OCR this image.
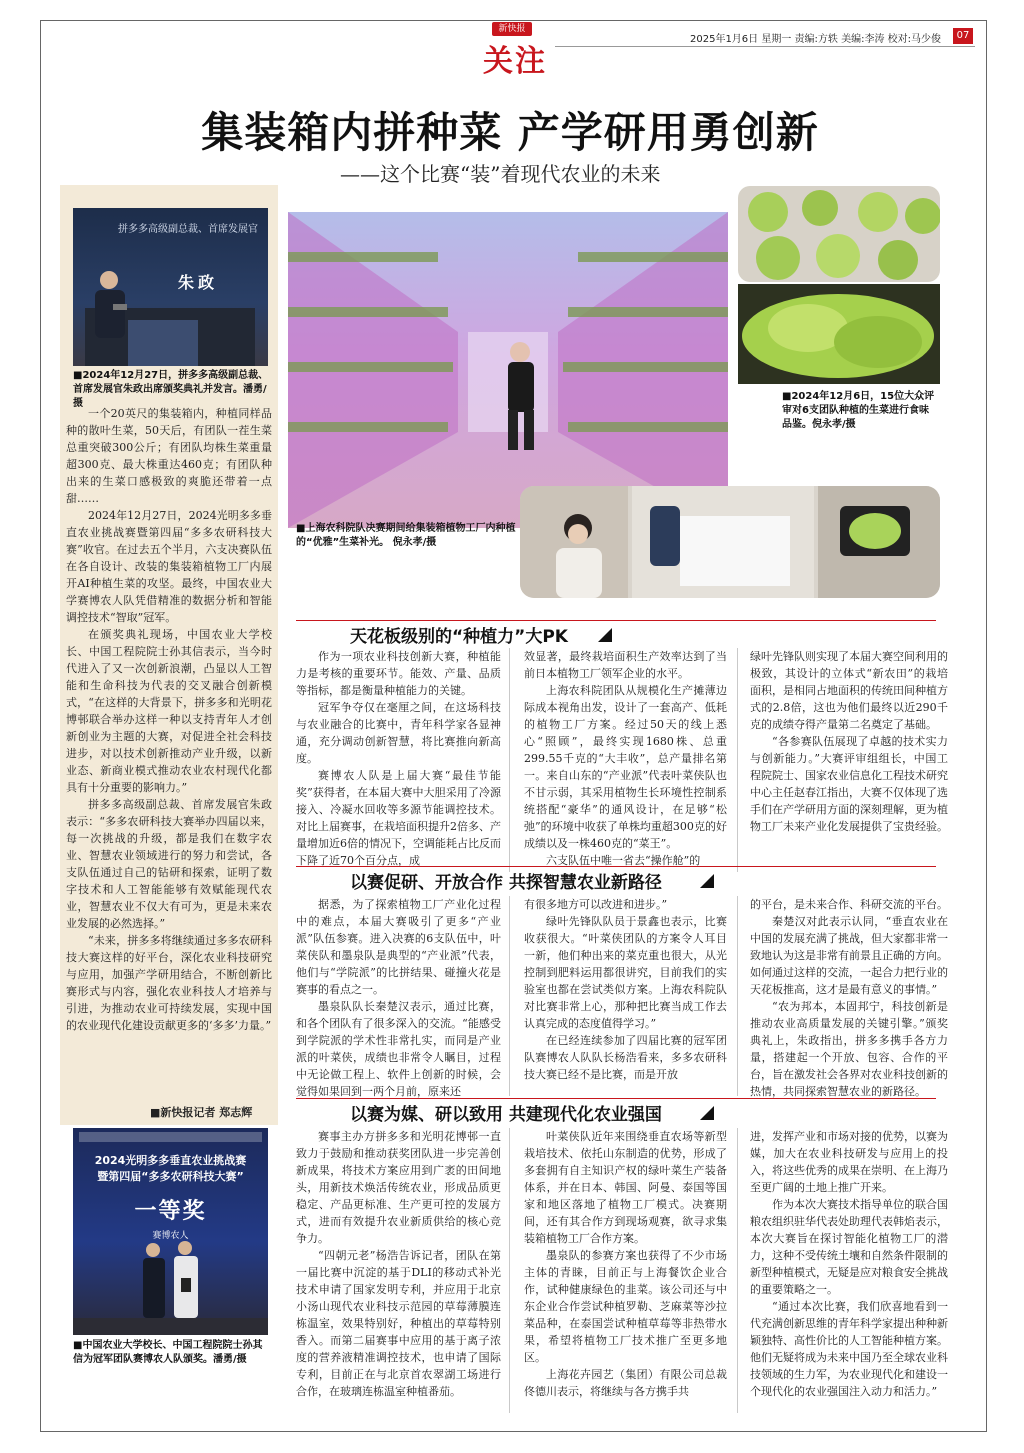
新快报
关注
2025年1月6日 星期一 责编:方轶 美编:李涛 校对:马少俊	07
集装箱内拼种菜 产学研用勇创新
——这个比赛“装”着现代农业的未来
拼多多高级副总裁、首席发展官
朱政
■2024年12月27日，拼多多高级副总裁、首席发展官朱政出席颁奖典礼并发言。潘勇/摄

一个20英尺的集装箱内，种植同样品种的散叶生菜，50天后，有团队一茬生菜总重突破300公斤；有团队均株生菜重量超300克、最大株重达460克；有团队种出来的生菜口感极致的爽脆还带着一点甜……

2024年12月27日，2024光明多多垂直农业挑战赛暨第四届“多多农研科技大赛”收官。在过去五个半月，六支决赛队伍在各自设计、改装的集装箱植物工厂内展开AI种植生菜的攻坚。最终，中国农业大学赛博农人队凭借精准的数据分析和智能调控技术“智取”冠军。

在颁奖典礼现场，中国农业大学校长、中国工程院院士孙其信表示，当今时代进入了又一次创新浪潮，凸显以人工智能和生命科技为代表的交叉融合创新模式，“在这样的大背景下，拼多多和光明花博邨联合举办这样一种以支持青年人才创新创业为主题的大赛，对促进全社会科技进步，对以技术创新推动产业升级，以新业态、新商业模式推动农业农村现代化都具有十分重要的影响力。”

拼多多高级副总裁、首席发展官朱政表示：“多多农研科技大赛举办四届以来，每一次挑战的升级，都是我们在数字农业、智慧农业领域进行的努力和尝试，各支队伍通过自己的钻研和探索，证明了数字技术和人工智能能够有效赋能现代农业，智慧农业不仅大有可为，更是未来农业发展的必然选择。”

“未来，拼多多将继续通过多多农研科技大赛这样的好平台，深化农业科技研究与应用，加强产学研用结合，不断创新比赛形式与内容，强化农业科技人才培养与引进，为推动农业可持续发展，实现中国的农业现代化建设贡献更多的‘多多’力量。”

■新快报记者 郑志辉
2024光明多多垂直农业挑战赛
暨第四届“多多农研科技大赛”
一等奖
赛博农人
■中国农业大学校长、中国工程院院士孙其信为冠军团队赛博农人队颁奖。潘勇/摄
■上海农科院队决赛期间给集装箱植物工厂内种植的“优雅”生菜补光。 倪永孝/摄
■2024年12月6日，15位大众评审对6支团队种植的生菜进行食味品鉴。倪永孝/摄
天花板级别的“种植力”大PK

作为一项农业科技创新大赛，种植能力是考核的重要环节。能效、产量、品质等指标，都是衡量种植能力的关键。

冠军争夺仅在毫厘之间，在这场科技与农业融合的比赛中，青年科学家各显神通，充分调动创新智慧，将比赛推向新高度。

赛博农人队是上届大赛“最佳节能奖”获得者，在本届大赛中大胆采用了冷源接入、冷凝水回收等多源节能调控技术。对比上届赛事，在栽培面积提升2倍多、产量增加近6倍的情况下，空调能耗占比反而下降了近70个百分点，成

效显著，最终栽培面积生产效率达到了当前日本植物工厂领军企业的水平。

上海农科院团队从规模化生产摊薄边际成本视角出发，设计了一套高产、低耗的植物工厂方案。经过50天的线上悉心“照顾”，最终实现1680株、总重299.55千克的“大丰收”，总产量排名第一。来自山东的“产业派”代表叶菜侠队也不甘示弱，其采用植物生长环境性控制系统搭配“豪华”的通风设计，在足够“松弛”的环境中收获了单株均重超300克的好成绩以及一株460克的“菜王”。

六支队伍中唯一省去“操作舱”的

绿叶先锋队则实现了本届大赛空间利用的极致，其设计的立体式“新农田”的栽培面积，是相同占地面积的传统田间种植方式的2.8倍，这也为他们最终以近290千克的成绩夺得产量第二名奠定了基础。

“各参赛队伍展现了卓越的技术实力与创新能力。”大赛评审组组长，中国工程院院士、国家农业信息化工程技术研究中心主任赵春江指出，大赛不仅体现了选手们在产学研用方面的深刻理解，更为植物工厂未来产业化发展提供了宝贵经验。

以赛促研、开放合作 共探智慧农业新路径

据悉，为了探索植物工厂产业化过程中的难点，本届大赛吸引了更多“产业派”队伍参赛。进入决赛的6支队伍中，叶菜侠队和墨泉队是典型的“产业派”代表，他们与“学院派”的比拼结果、碰撞火花是赛事的看点之一。

墨泉队队长秦楚汉表示，通过比赛，和各个团队有了很多深入的交流。“能感受到学院派的学术性非常扎实，而同是产业派的叶菜侠，成绩也非常令人瞩目，过程中无论做工程上、软件上创新的时候，会觉得如果回到一两个月前，原来还

有很多地方可以改进和进步。”

绿叶先锋队队员于景鑫也表示，比赛收获很大。“叶菜侠团队的方案令人耳目一新，他们种出来的菜克重也很大，从光控制到肥料运用都很讲究，目前我们的实验室也都在尝试类似方案。上海农科院队对比赛非常上心，那种把比赛当成工作去认真完成的态度值得学习。”

在已经连续参加了四届比赛的冠军团队赛博农人队队长杨浩看来，多多农研科技大赛已经不是比赛，而是开放

的平台，是未来合作、科研交流的平台。

秦楚汉对此表示认同，“垂直农业在中国的发展充满了挑战，但大家都非常一致地认为这是非常有前景且正确的方向。如何通过这样的交流，一起合力把行业的天花板推高，这才是最有意义的事情。”

“农为邦本，本固邦宁，科技创新是推动农业高质量发展的关键引擎。”颁奖典礼上，朱政指出，拼多多携手各方力量，搭建起一个开放、包容、合作的平台，旨在激发社会各界对农业科技创新的热情，共同探索智慧农业的新路径。

以赛为媒、研以致用 共建现代化农业强国

赛事主办方拼多多和光明花博邨一直致力于鼓励和推动获奖团队进一步完善创新成果，将技术方案应用到广袤的田间地头，用新技术焕活传统农业，形成品质更稳定、产品更标准、生产更可控的发展方式，进而有效提升农业新质供给的核心竞争力。

“四朝元老”杨浩告诉记者，团队在第一届比赛中沉淀的基于DLI的移动式补光技术申请了国家发明专利，并应用于北京小汤山现代农业科技示范园的草莓薄膜连栋温室，效果特别好，种植出的草莓特别香入。而第二届赛事中应用的基于离子浓度的营养液精准调控技术，也申请了国际专利，目前正在与北京首农翠湖工场进行合作，在玻璃连栋温室种植番茄。

叶菜侠队近年来围绕垂直农场等新型栽培技术、依托山东制造的优势，形成了多套拥有自主知识产权的绿叶菜生产装备体系，并在日本、韩国、阿曼、泰国等国家和地区落地了植物工厂模式。决赛期间，还有其合作方到现场观赛，欲寻求集装箱植物工厂合作方案。

墨泉队的参赛方案也获得了不少市场主体的青睐，目前正与上海餐饮企业合作，试种健康绿色的韭菜。该公司还与中东企业合作尝试种植罗勒、芝麻菜等沙拉菜品种，在泰国尝试种植草莓等非热带水果，希望将植物工厂技术推广至更多地区。

上海花卉园艺（集团）有限公司总裁佟德川表示，将继续与各方携手共

进，发挥产业和市场对接的优势，以赛为媒，加大在农业科技研发与应用上的投入，将这些优秀的成果在崇明、在上海乃至更广阔的土地上推广开来。

作为本次大赛技术指导单位的联合国粮农组织驻华代表处助理代表韩焰表示，本次大赛旨在探讨智能化植物工厂的潜力，这种不受传统土壤和自然条件限制的新型种植模式，无疑是应对粮食安全挑战的重要策略之一。

“通过本次比赛，我们欣喜地看到一代充满创新思维的青年科学家提出种种新颖独特、高性价比的人工智能种植方案。他们无疑将成为未来中国乃至全球农业科技领域的生力军，为农业现代化和建设一个现代化的农业强国注入动力和活力。”
